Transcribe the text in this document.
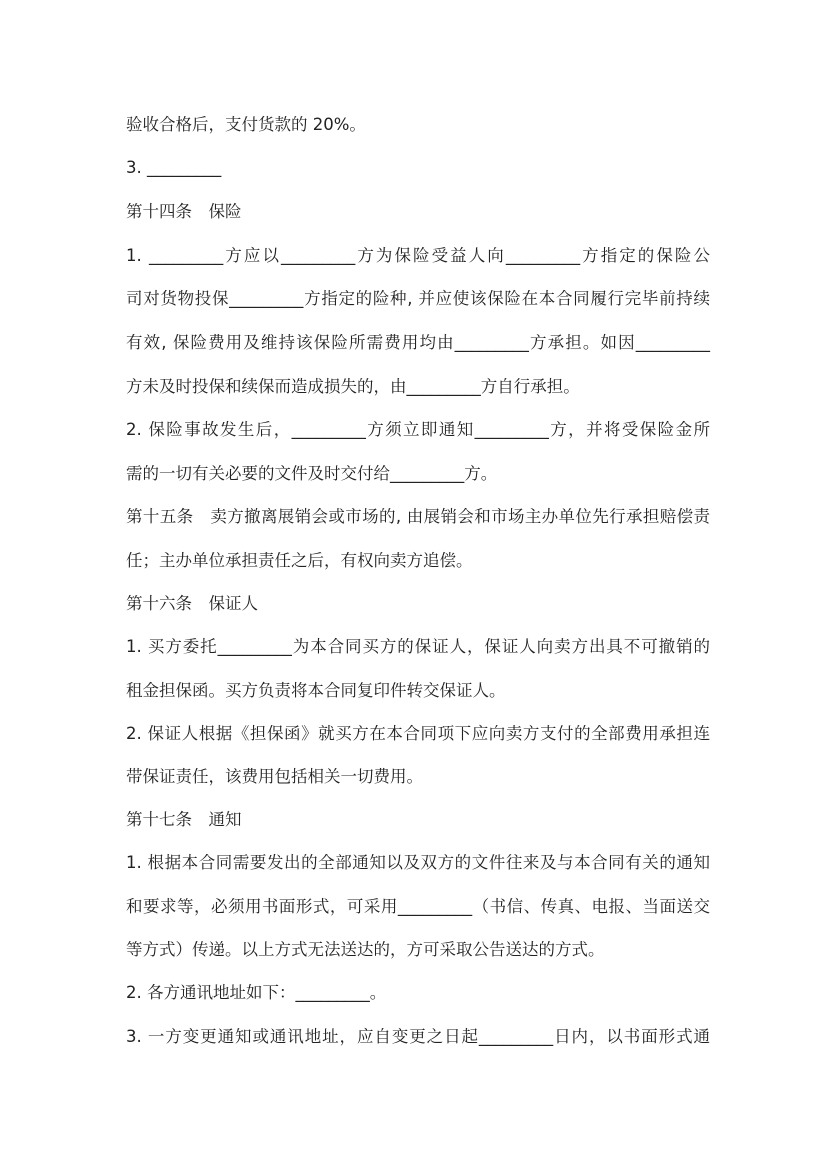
验收合格后，支付货款的 20%。
3. _________
第十四条　保险
1. _________方应以_________方为保险受益人向_________方指定的保险公
司对货物投保_________方指定的险种, 并应使该保险在本合同履行完毕前持续
有效, 保险费用及维持该保险所需费用均由_________方承担。如因_________
方未及时投保和续保而造成损失的，由_________方自行承担。
2. 保险事故发生后，_________方须立即通知_________方，并将受保险金所
需的一切有关必要的文件及时交付给_________方。
第十五条　卖方撤离展销会或市场的, 由展销会和市场主办单位先行承担赔偿责
任；主办单位承担责任之后，有权向卖方追偿。
第十六条　保证人
1. 买方委托_________为本合同买方的保证人，保证人向卖方出具不可撤销的
租金担保函。买方负责将本合同复印件转交保证人。
2. 保证人根据《担保函》就买方在本合同项下应向卖方支付的全部费用承担连
带保证责任，该费用包括相关一切费用。
第十七条　通知
1. 根据本合同需要发出的全部通知以及双方的文件往来及与本合同有关的通知
和要求等，必须用书面形式，可采用_________（书信、传真、电报、当面送交
等方式）传递。以上方式无法送达的，方可采取公告送达的方式。
2. 各方通讯地址如下：_________。
3. 一方变更通知或通讯地址，应自变更之日起_________日内，以书面形式通
